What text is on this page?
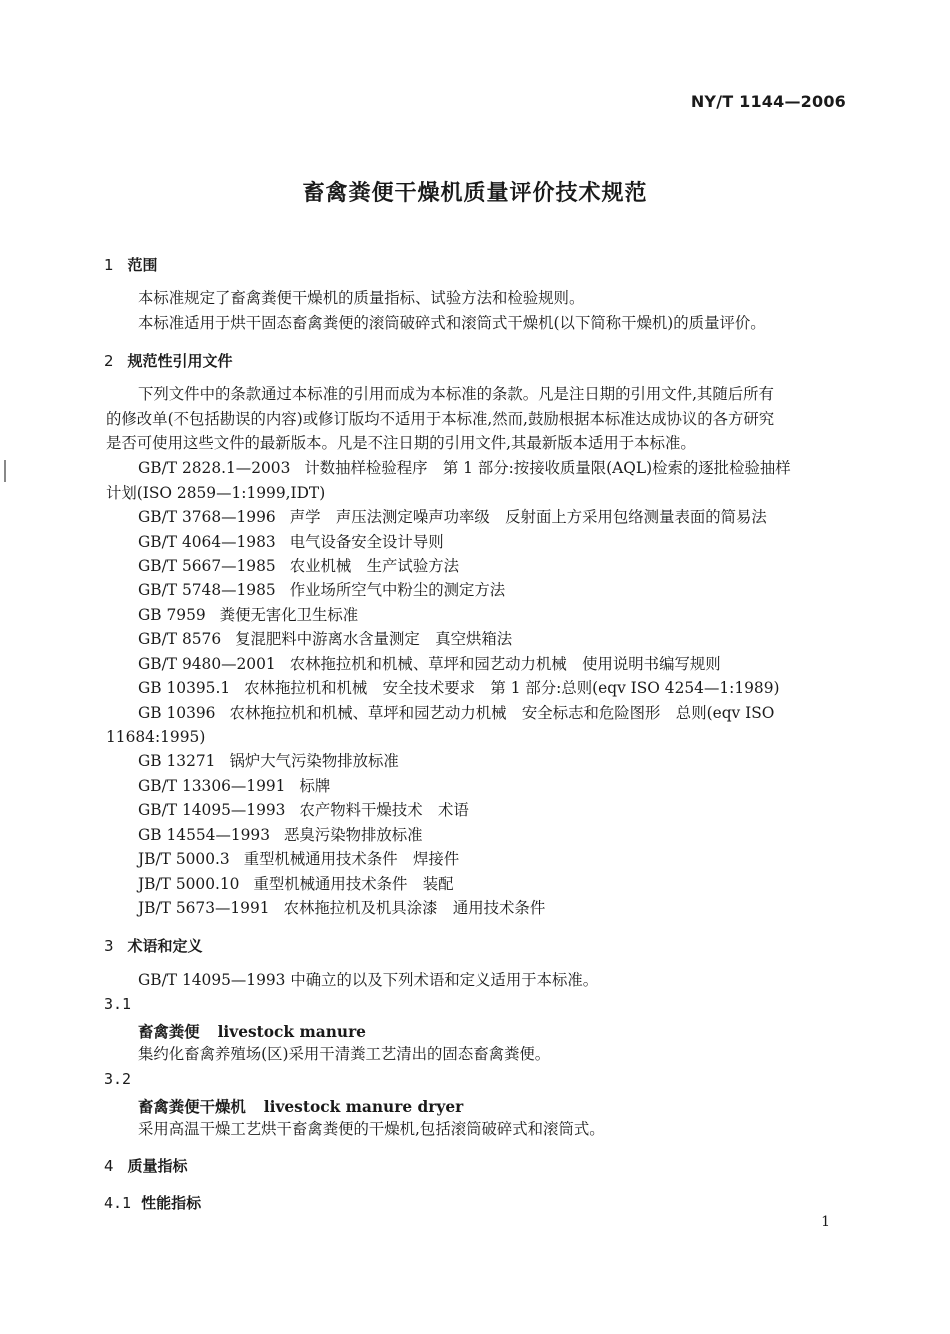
NY/T 1144—2006
畜禽粪便干燥机质量评价技术规范
1 范围
本标准规定了畜禽粪便干燥机的质量指标、试验方法和检验规则。
本标准适用于烘干固态畜禽粪便的滚筒破碎式和滚筒式干燥机(以下简称干燥机)的质量评价。
2 规范性引用文件
下列文件中的条款通过本标准的引用而成为本标准的条款。凡是注日期的引用文件,其随后所有
的修改单(不包括勘误的内容)或修订版均不适用于本标准,然而,鼓励根据本标准达成协议的各方研究
是否可使用这些文件的最新版本。凡是不注日期的引用文件,其最新版本适用于本标准。
GB/T 2828.1—2003 计数抽样检验程序　第 1 部分:按接收质量限(AQL)检索的逐批检验抽样
计划(ISO 2859—1:1999,IDT)
GB/T 3768—1996 声学　声压法测定噪声功率级　反射面上方采用包络测量表面的简易法
GB/T 4064—1983 电气设备安全设计导则
GB/T 5667—1985 农业机械　生产试验方法
GB/T 5748—1985 作业场所空气中粉尘的测定方法
GB 7959 粪便无害化卫生标准
GB/T 8576 复混肥料中游离水含量测定　真空烘箱法
GB/T 9480—2001 农林拖拉机和机械、草坪和园艺动力机械　使用说明书编写规则
GB 10395.1 农林拖拉机和机械　安全技术要求　第 1 部分:总则(eqv ISO 4254—1:1989)
GB 10396 农林拖拉机和机械、草坪和园艺动力机械　安全标志和危险图形　总则(eqv ISO
11684:1995)
GB 13271 锅炉大气污染物排放标准
GB/T 13306—1991 标牌
GB/T 14095—1993 农产物料干燥技术　术语
GB 14554—1993 恶臭污染物排放标准
JB/T 5000.3 重型机械通用技术条件　焊接件
JB/T 5000.10 重型机械通用技术条件　装配
JB/T 5673—1991 农林拖拉机及机具涂漆　通用技术条件
3 术语和定义
GB/T 14095—1993 中确立的以及下列术语和定义适用于本标准。
3.1
畜禽粪便 livestock manure
集约化畜禽养殖场(区)采用干清粪工艺清出的固态畜禽粪便。
3.2
畜禽粪便干燥机 livestock manure dryer
采用高温干燥工艺烘干畜禽粪便的干燥机,包括滚筒破碎式和滚筒式。
4 质量指标
4.1 性能指标
1
